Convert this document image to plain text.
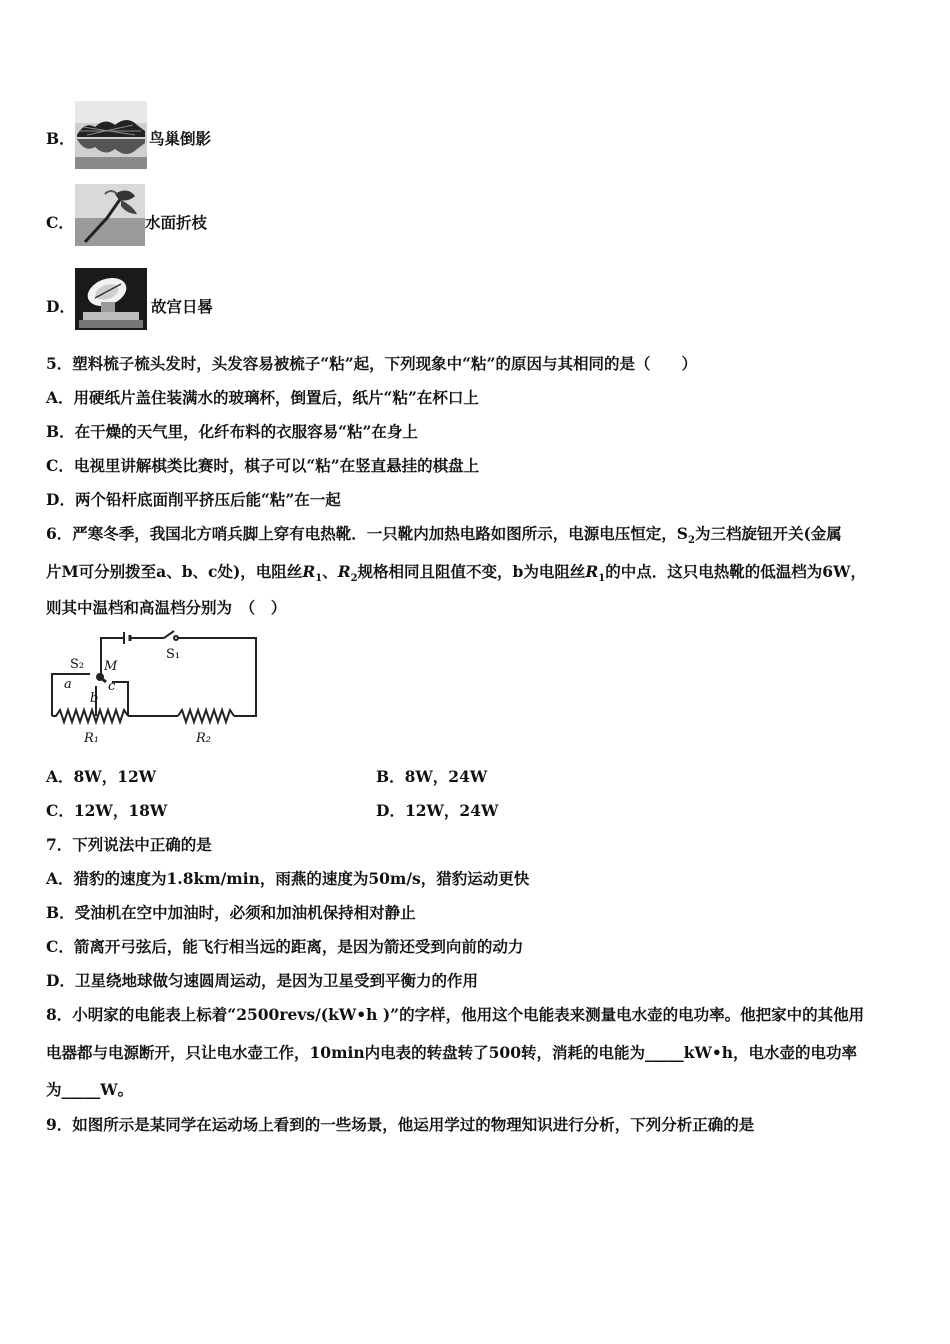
B．	鸟巢倒影
C．	水面折枝
D．	故宫日晷
5．塑料梳子梳头发时，头发容易被梳子“粘”起，下列现象中“粘”的原因与其相同的是（　　）
A．用硬纸片盖住装满水的玻璃杯，倒置后，纸片“粘”在杯口上
B．在干燥的天气里，化纤布料的衣服容易“粘”在身上
C．电视里讲解棋类比赛时，棋子可以“粘”在竖直悬挂的棋盘上
D．两个铅杆底面削平挤压后能“粘”在一起
6．严寒冬季，我国北方哨兵脚上穿有电热靴．一只靴内加热电路如图所示，电源电压恒定，$S_2$为三档旋钮开关(金属
片M可分别拨至a、b、c处)，电阻丝$R_1$、$R_2$规格相同且阻值不变，b为电阻丝$R_1$的中点．这只电热靴的低温档为6W，
则其中温档和高温档分别为　（　）
S₁
S₂ M
a
b
c
R₁	R₂
A．8W，12W	B．8W，24W
C．12W，18W	D．12W，24W
7．下列说法中正确的是
A．猎豹的速度为1.8km/min，雨燕的速度为50m/s，猎豹运动更快
B．受油机在空中加油时，必须和加油机保持相对静止
C．箭离开弓弦后，能飞行相当远的距离，是因为箭还受到向前的动力
D．卫星绕地球做匀速圆周运动，是因为卫星受到平衡力的作用
8．小明家的电能表上标着“2500revs/(kW•h )”的字样，他用这个电能表来测量电水壶的电功率。他把家中的其他用
电器都与电源断开，只让电水壶工作，10min内电表的转盘转了500转，消耗的电能为_____kW•h，电水壶的电功率
为_____W。
9．如图所示是某同学在运动场上看到的一些场景，他运用学过的物理知识进行分析，下列分析正确的是
